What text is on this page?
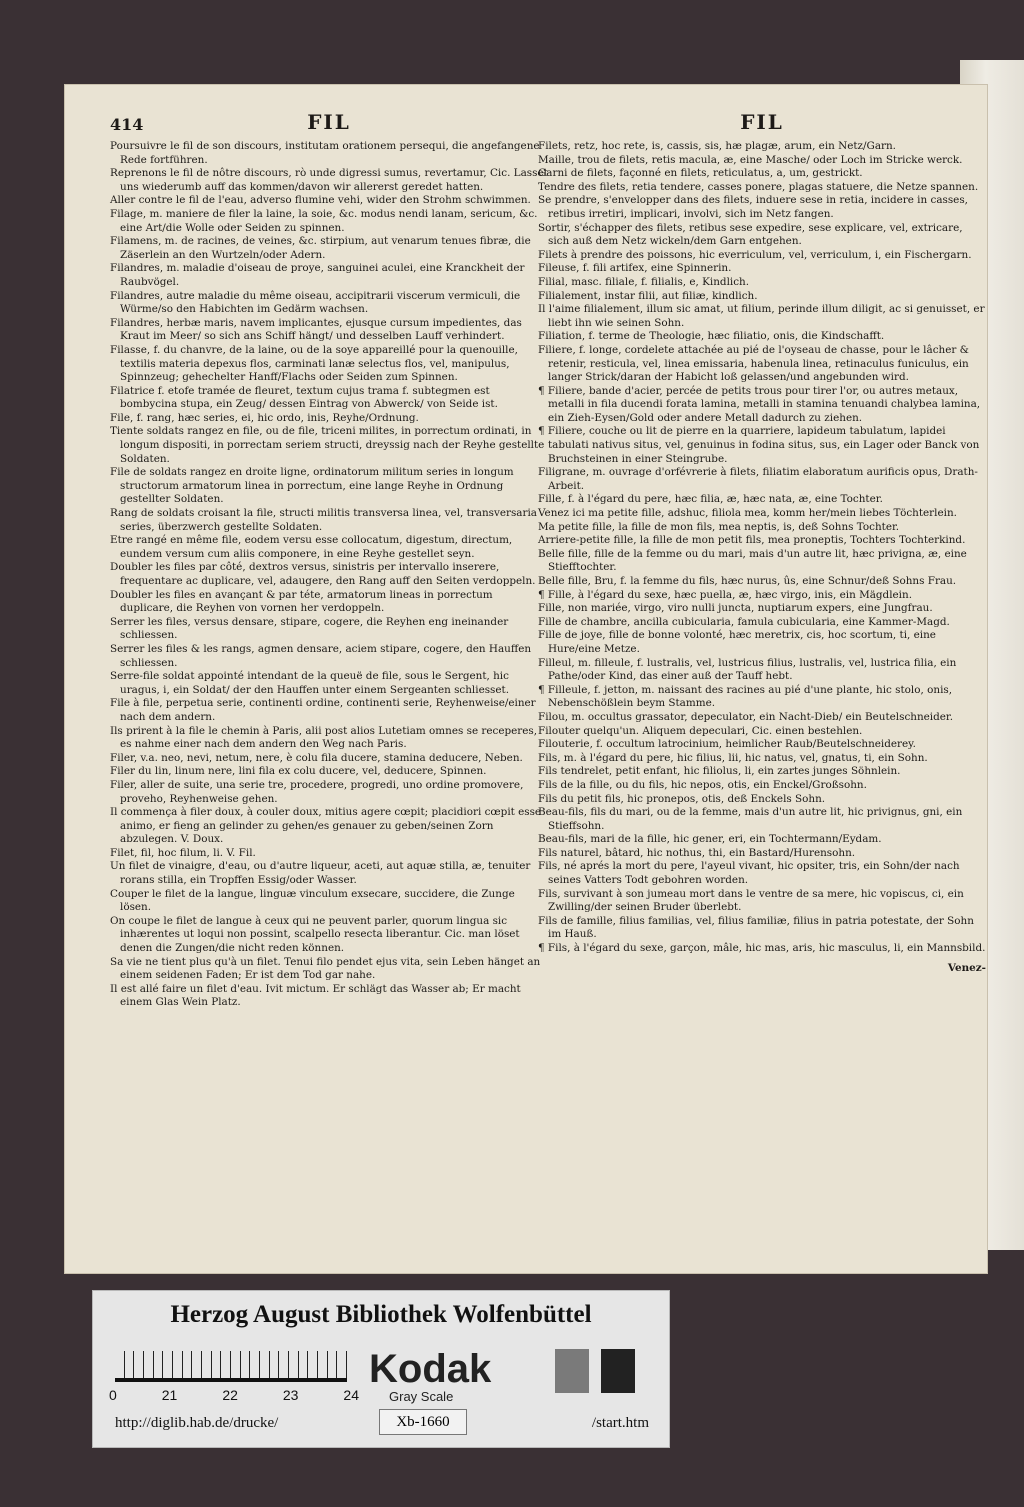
414	FIL

Poursuivre le fil de son discours, institutam orationem persequi, die angefangene Rede fortführen.

Reprenons le fil de nôtre discours, rò unde digressi sumus, revertamur, Cic. Lasset uns wiederumb auff das kommen/davon wir allererst geredet hatten.

Aller contre le fil de l'eau, adverso flumine vehi, wider den Strohm schwimmen.

Filage, m. maniere de filer la laine, la soie, &c. modus nendi lanam, sericum, &c. eine Art/die Wolle oder Seiden zu spinnen.

Filamens, m. de racines, de veines, &c. stirpium, aut venarum tenues fibræ, die Zäserlein an den Wurtzeln/oder Adern.

Filandres, m. maladie d'oiseau de proye, sanguinei aculei, eine Kranckheit der Raubvögel.

Filandres, autre maladie du même oiseau, accipitrarii viscerum vermiculi, die Würme/so den Habichten im Gedärm wachsen.

Filandres, herbæ maris, navem implicantes, ejusque cursum impedientes, das Kraut im Meer/ so sich ans Schiff hängt/ und desselben Lauff verhindert.

Filasse, f. du chanvre, de la laine, ou de la soye appareillé pour la quenouille, textilis materia depexus flos, carminati lanæ selectus flos, vel, manipulus, Spinnzeug; gehechelter Hanff/Flachs oder Seiden zum Spinnen.

Filatrice f. etofe tramée de fleuret, textum cujus trama f. subtegmen est bombycina stupa, ein Zeug/ dessen Eintrag von Abwerck/ von Seide ist.

File, f. rang, hæc series, ei, hic ordo, inis, Reyhe/Ordnung.

Tiente soldats rangez en file, ou de file, triceni milites, in porrectum ordinati, in longum dispositi, in porrectam seriem structi, dreyssig nach der Reyhe gestellte Soldaten.

File de soldats rangez en droite ligne, ordinatorum militum series in longum structorum armatorum linea in porrectum, eine lange Reyhe in Ordnung gestellter Soldaten.

Rang de soldats croisant la file, structi militis transversa linea, vel, transversaria series, überzwerch gestellte Soldaten.

Etre rangé en même file, eodem versu esse collocatum, digestum, directum, eundem versum cum aliis componere, in eine Reyhe gestellet seyn.

Doubler les files par côté, dextros versus, sinistris per intervallo inserere, frequentare ac duplicare, vel, adaugere, den Rang auff den Seiten verdoppeln.

Doubler les files en avançant & par téte, armatorum lineas in porrectum duplicare, die Reyhen von vornen her verdoppeln.

Serrer les files, versus densare, stipare, cogere, die Reyhen eng ineinander schliessen.

Serrer les files & les rangs, agmen densare, aciem stipare, cogere, den Hauffen schliessen.

Serre-file soldat appointé intendant de la queuë de file, sous le Sergent, hic uragus, i, ein Soldat/ der den Hauffen unter einem Sergeanten schliesset.

File à file, perpetua serie, continenti ordine, continenti serie, Reyhenweise/einer nach dem andern.

Ils prirent à la file le chemin à Paris, alii post alios Lutetiam omnes se receperes, es nahme einer nach dem andern den Weg nach Paris.

Filer, v.a. neo, nevi, netum, nere, è colu fila ducere, stamina deducere, Neben.

Filer du lin, linum nere, lini fila ex colu ducere, vel, deducere, Spinnen.

Filer, aller de suite, una serie tre, procedere, progredi, uno ordine promovere, proveho, Reyhenweise gehen.

Il commença à filer doux, à couler doux, mitius agere cœpit; placidiori cœpit esse animo, er fieng an gelinder zu gehen/es genauer zu geben/seinen Zorn abzulegen. V. Doux.

Filet, fil, hoc filum, li. V. Fil.

Un filet de vinaigre, d'eau, ou d'autre liqueur, aceti, aut aquæ stilla, æ, tenuiter rorans stilla, ein Tropffen Essig/oder Wasser.

Couper le filet de la langue, linguæ vinculum exsecare, succidere, die Zunge lösen.

On coupe le filet de langue à ceux qui ne peuvent parler, quorum lingua sic inhærentes ut loqui non possint, scalpello resecta liberantur. Cic. man löset denen die Zungen/die nicht reden können.

Sa vie ne tient plus qu'à un filet. Tenui filo pendet ejus vita, sein Leben hänget an einem seidenen Faden; Er ist dem Tod gar nahe.

Il est allé faire un filet d'eau. Ivit mictum. Er schlägt das Wasser ab; Er macht einem Glas Wein Platz.

FIL

Filets, retz, hoc rete, is, cassis, sis, hæ plagæ, arum, ein Netz/Garn.

Maille, trou de filets, retis macula, æ, eine Masche/ oder Loch im Stricke werck.

Garni de filets, façonné en filets, reticulatus, a, um, gestrickt.

Tendre des filets, retia tendere, casses ponere, plagas statuere, die Netze spannen.

Se prendre, s'envelopper dans des filets, induere sese in retia, incidere in casses, retibus irretiri, implicari, involvi, sich im Netz fangen.

Sortir, s'échapper des filets, retibus sese expedire, sese explicare, vel, extricare, sich auß dem Netz wickeln/dem Garn entgehen.

Filets à prendre des poissons, hic everriculum, vel, verriculum, i, ein Fischergarn.

Fileuse, f. fili artifex, eine Spinnerin.

Filial, masc. filiale, f. filialis, e, Kindlich.

Filialement, instar filii, aut filiæ, kindlich.

Il l'aime filialement, illum sic amat, ut filium, perinde illum diligit, ac si genuisset, er liebt ihn wie seinen Sohn.

Filiation, f. terme de Theologie, hæc filiatio, onis, die Kindschafft.

Filiere, f. longe, cordelete attachée au pié de l'oyseau de chasse, pour le lâcher & retenir, resticula, vel, linea emissaria, habenula linea, retinaculus funiculus, ein langer Strick/daran der Habicht loß gelassen/und angebunden wird.

¶ Filiere, bande d'acier, percée de petits trous pour tirer l'or, ou autres metaux, metalli in fila ducendi forata lamina, metalli in stamina tenuandi chalybea lamina, ein Zieh-Eysen/Gold oder andere Metall dadurch zu ziehen.

¶ Filiere, couche ou lit de pierre en la quarriere, lapideum tabulatum, lapidei tabulati nativus situs, vel, genuinus in fodina situs, sus, ein Lager oder Banck von Bruchsteinen in einer Steingrube.

Filigrane, m. ouvrage d'orfévrerie à filets, filiatim elaboratum aurificis opus, Drath-Arbeit.

Fille, f. à l'égard du pere, hæc filia, æ, hæc nata, æ, eine Tochter.

Venez ici ma petite fille, adshuc, filiola mea, komm her/mein liebes Töchterlein.

Ma petite fille, la fille de mon fils, mea neptis, is, deß Sohns Tochter.

Arriere-petite fille, la fille de mon petit fils, mea proneptis, Tochters Tochterkind.

Belle fille, fille de la femme ou du mari, mais d'un autre lit, hæc privigna, æ, eine Stiefftochter.

Belle fille, Bru, f. la femme du fils, hæc nurus, ûs, eine Schnur/deß Sohns Frau.

¶ Fille, à l'égard du sexe, hæc puella, æ, hæc virgo, inis, ein Mägdlein.

Fille, non mariée, virgo, viro nulli juncta, nuptiarum expers, eine Jungfrau.

Fille de chambre, ancilla cubicularia, famula cubicularia, eine Kammer-Magd.

Fille de joye, fille de bonne volonté, hæc meretrix, cis, hoc scortum, ti, eine Hure/eine Metze.

Filleul, m. filleule, f. lustralis, vel, lustricus filius, lustralis, vel, lustrica filia, ein Pathe/oder Kind, das einer auß der Tauff hebt.

¶ Filleule, f. jetton, m. naissant des racines au pié d'une plante, hic stolo, onis, Nebenschößlein beym Stamme.

Filou, m. occultus grassator, depeculator, ein Nacht-Dieb/ ein Beutelschneider.

Filouter quelqu'un. Aliquem depeculari, Cic. einen bestehlen.

Filouterie, f. occultum latrocinium, heimlicher Raub/Beutelschneiderey.

Fils, m. à l'égard du pere, hic filius, lii, hic natus, vel, gnatus, ti, ein Sohn.

Fils tendrelet, petit enfant, hic filiolus, li, ein zartes junges Söhnlein.

Fils de la fille, ou du fils, hic nepos, otis, ein Enckel/Großsohn.

Fils du petit fils, hic pronepos, otis, deß Enckels Sohn.

Beau-fils, fils du mari, ou de la femme, mais d'un autre lit, hic privignus, gni, ein Stieffsohn.

Beau-fils, mari de la fille, hic gener, eri, ein Tochtermann/Eydam.

Fils naturel, bâtard, hic nothus, thi, ein Bastard/Hurensohn.

Fils, né aprés la mort du pere, l'ayeul vivant, hic opsiter, tris, ein Sohn/der nach seines Vatters Todt gebohren worden.

Fils, survivant à son jumeau mort dans le ventre de sa mere, hic vopiscus, ci, ein Zwilling/der seinen Bruder überlebt.

Fils de famille, filius familias, vel, filius familiæ, filius in patria potestate, der Sohn im Hauß.

¶ Fils, à l'égard du sexe, garçon, mâle, hic mas, aris, hic masculus, li, ein Mannsbild.

Venez-
Herzog August Bibliothek Wolfenbüttel
0	21	22	23	24
Kodak
Gray Scale
http://diglib.hab.de/drucke/	Xb-1660	/start.htm
